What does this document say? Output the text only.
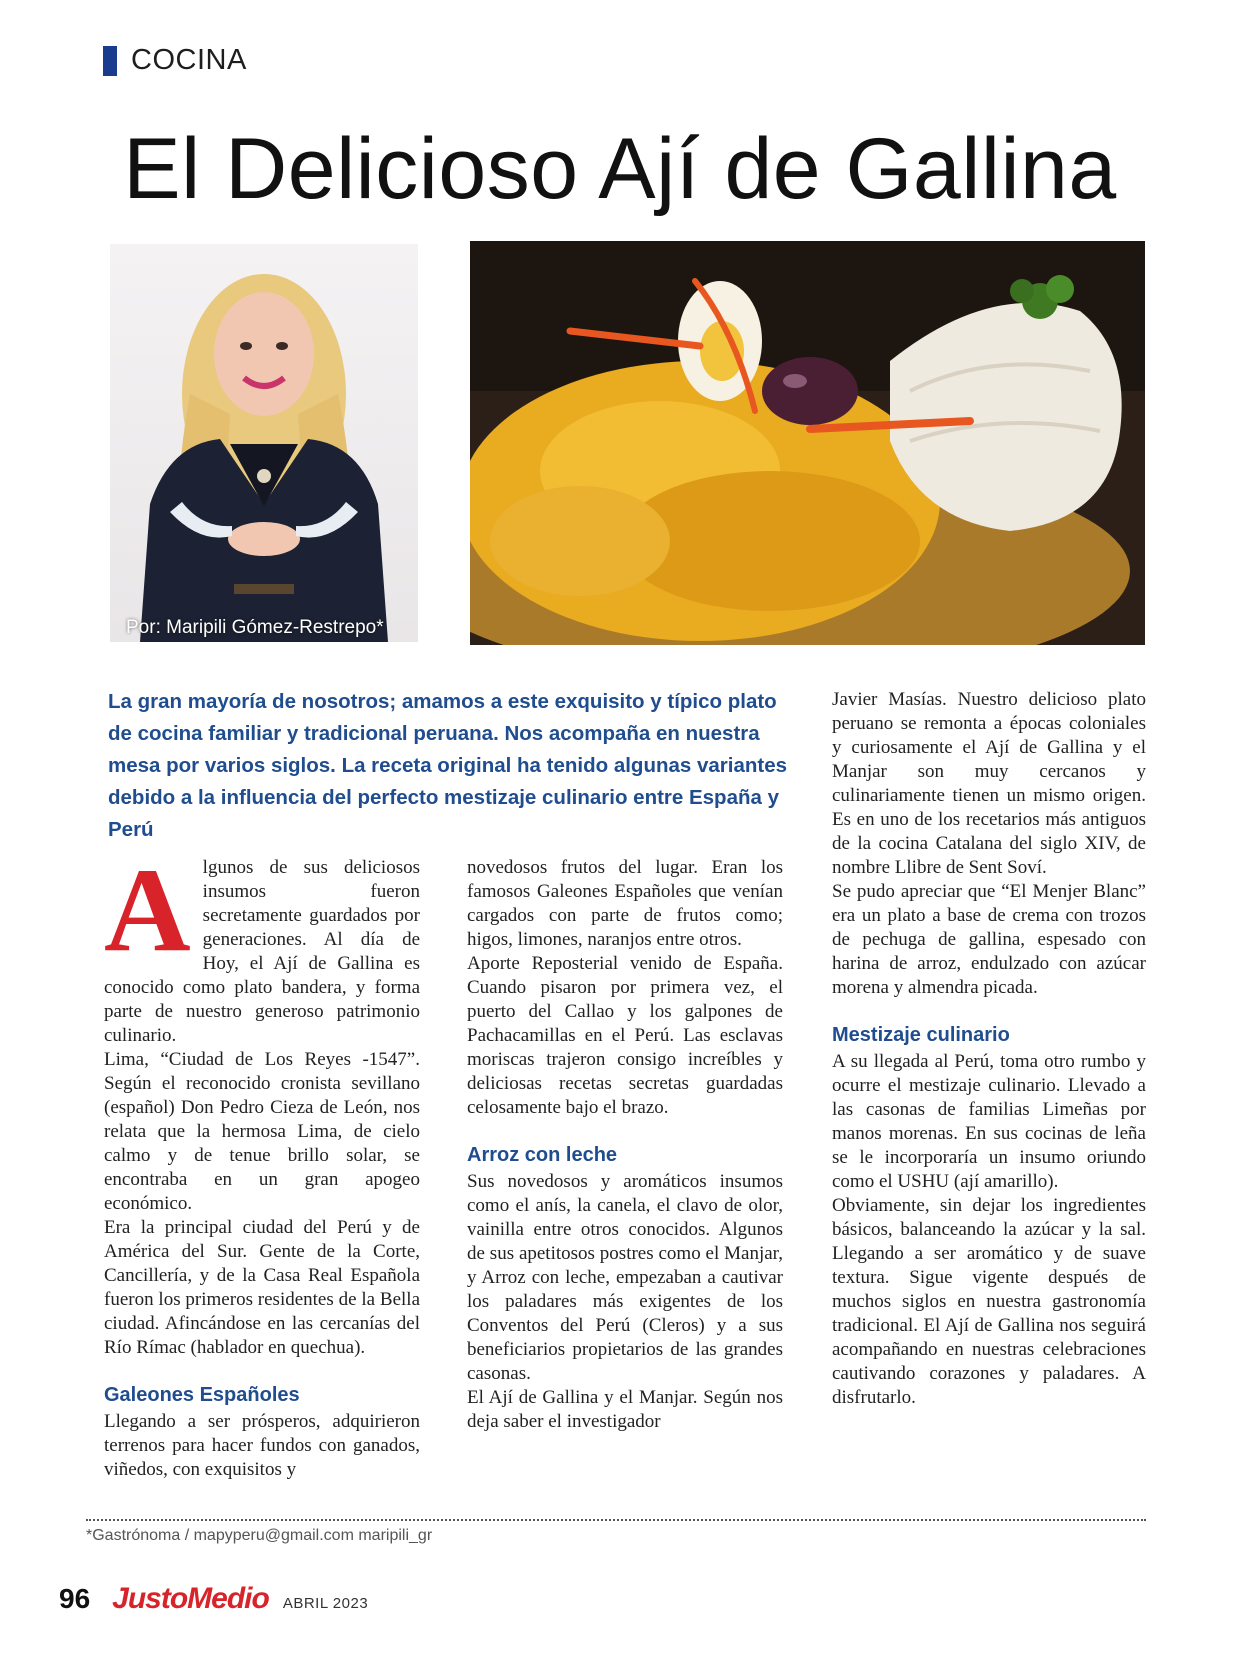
COCINA
El Delicioso Ají de Gallina
Por: Maripili Gómez-Restrepo*
La gran mayoría de nosotros; amamos a este exquisito y típico plato de cocina familiar y tradicional peruana. Nos acompaña en nuestra mesa por varios siglos. La receta original ha tenido algunas variantes debido a la influencia del perfecto mestizaje culinario entre España y Perú

Algunos de sus deliciosos insumos fueron secretamente guardados por generaciones. Al día de Hoy, el Ají de Gallina es conocido como plato bandera, y forma parte de nuestro generoso patrimonio culinario.

Lima, “Ciudad de Los Reyes -1547”. Según el reconocido cronista sevillano (español) Don Pedro Cieza de León, nos relata que la hermosa Lima, de cielo calmo y de tenue brillo solar, se encontraba en un gran apogeo económico.

Era la principal ciudad del Perú y de América del Sur. Gente de la Corte, Cancillería, y de la Casa Real Española fueron los primeros residentes de la Bella ciudad. Afincándose en las cercanías del Río Rímac (hablador en quechua).

Galeones Españoles

Llegando a ser prósperos, adquirieron terrenos para hacer fundos con ganados, viñedos, con exquisitos y

novedosos frutos del lugar. Eran los famosos Galeones Españoles que venían cargados con parte de frutos como; higos, limones, naranjos entre otros.

Aporte Reposterial venido de España. Cuando pisaron por primera vez, el puerto del Callao y los galpones de Pachacamillas en el Perú. Las esclavas moriscas trajeron consigo increíbles y deliciosas recetas secretas guardadas celosamente bajo el brazo.

Arroz con leche

Sus novedosos y aromáticos insumos como el anís, la canela, el clavo de olor, vainilla entre otros conocidos. Algunos de sus apetitosos postres como el Manjar, y Arroz con leche, empezaban a cautivar los paladares más exigentes de los Conventos del Perú (Cleros) y a sus beneficiarios propietarios de las grandes casonas.

El Ají de Gallina y el Manjar. Según nos deja saber el investigador

Javier Masías. Nuestro delicioso plato peruano se remonta a épocas coloniales y curiosamente el Ají de Gallina y el Manjar son muy cercanos y culinariamente tienen un mismo origen. Es en uno de los recetarios más antiguos de la cocina Catalana del siglo XIV, de nombre Llibre de Sent Soví.

Se pudo apreciar que “El Menjer Blanc” era un plato a base de crema con trozos de pechuga de gallina, espesado con harina de arroz, endulzado con azúcar morena y almendra picada.

Mestizaje culinario

A su llegada al Perú, toma otro rumbo y ocurre el mestizaje culinario. Llevado a las casonas de familias Limeñas por manos morenas. En sus cocinas de leña se le incorporaría un insumo oriundo como el USHU (ají amarillo).

Obviamente, sin dejar los ingredientes básicos, balanceando la azúcar y la sal. Llegando a ser aromático y de suave textura. Sigue vigente después de muchos siglos en nuestra gastronomía tradicional. El Ají de Gallina nos seguirá acompañando en nuestras celebraciones cautivando corazones y paladares. A disfrutarlo.

*Gastrónoma / mapyperu@gmail.com maripili_gr
96 JustoMedio ABRIL 2023
